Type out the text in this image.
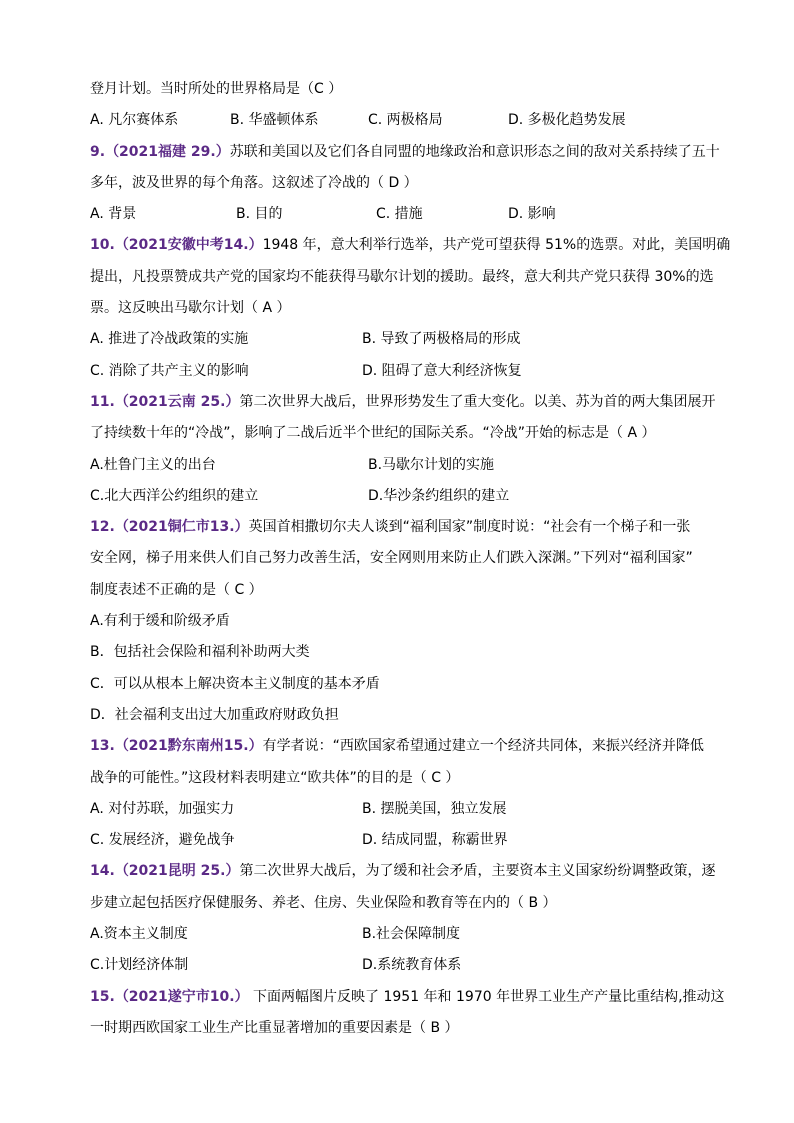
登月计划。当时所处的世界格局是（C ）
A. 凡尔赛体系	B. 华盛顿体系	C. 两极格局	D. 多极化趋势发展
9.（2021福建 29.）苏联和美国以及它们各自同盟的地缘政治和意识形态之间的敌对关系持续了五十
多年，波及世界的每个角落。这叙述了冷战的（ D ）
A. 背景	B. 目的	C. 措施	D. 影响
10.（2021安徽中考14.）1948 年，意大利举行选举，共产党可望获得 51%的选票。对此，美国明确
提出，凡投票赞成共产党的国家均不能获得马歇尔计划的援助。最终，意大利共产党只获得 30%的选
票。这反映出马歇尔计划（ A ）
A. 推进了冷战政策的实施	B. 导致了两极格局的形成
C. 消除了共产主义的影响	D. 阻碍了意大利经济恢复
11.（2021云南 25.）第二次世界大战后，世界形势发生了重大变化。以美、苏为首的两大集团展开
了持续数十年的“冷战”，影响了二战后近半个世纪的国际关系。“冷战”开始的标志是（ A ）
A.杜鲁门主义的出台	B.马歇尔计划的实施
C.北大西洋公约组织的建立	D.华沙条约组织的建立
12.（2021铜仁市13.）英国首相撒切尔夫人谈到“福利国家”制度时说：“社会有一个梯子和一张
安全网，梯子用来供人们自己努力改善生活，安全网则用来防止人们跌入深渊。”下列对“福利国家”
制度表述不正确的是（ C ）
A.有利于缓和阶级矛盾
B．包括社会保险和福利补助两大类
C．可以从根本上解决资本主义制度的基本矛盾
D．社会福利支出过大加重政府财政负担
13.（2021黔东南州15.）有学者说：“西欧国家希望通过建立一个经济共同体，来振兴经济并降低
战争的可能性。”这段材料表明建立“欧共体”的目的是（ C ）
A. 对付苏联，加强实力	B. 摆脱美国，独立发展
C. 发展经济，避免战争	D. 结成同盟，称霸世界
14.（2021昆明 25.）第二次世界大战后，为了缓和社会矛盾，主要资本主义国家纷纷调整政策，逐
步建立起包括医疗保健服务、养老、住房、失业保险和教育等在内的（ B ）
A.资本主义制度	B.社会保障制度
C.计划经济体制	D.系统教育体系
15.（2021遂宁市10.） 下面两幅图片反映了 1951 年和 1970 年世界工业生产产量比重结构,推动这
一时期西欧国家工业生产比重显著增加的重要因素是（ B ）
